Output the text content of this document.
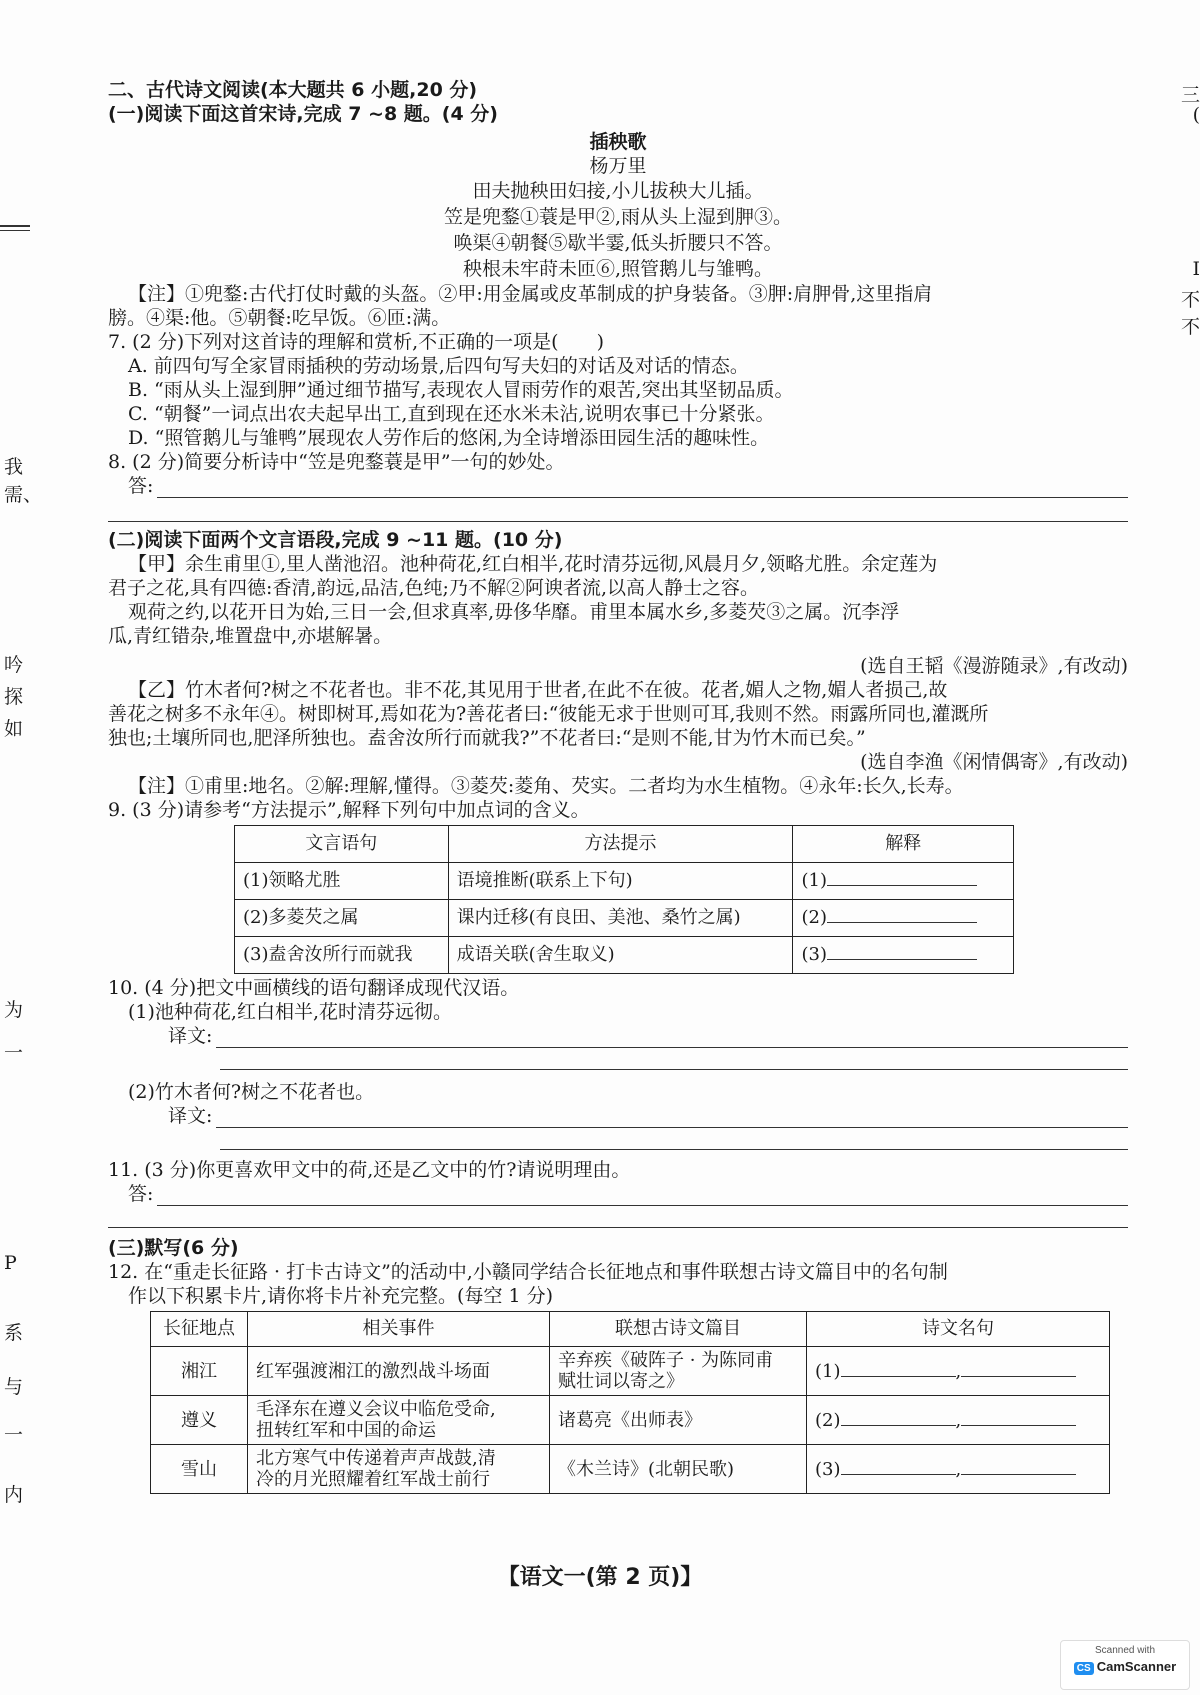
我
需、
吟
探
如
为
一
P
系
与
一
内
三
(
I
不
不
二、古代诗文阅读(本大题共 6 小题,20 分)
(一)阅读下面这首宋诗,完成 7 ~8 题。(4 分)
插秧歌
杨万里
田夫抛秧田妇接,小儿拔秧大儿插。
笠是兜鍪①蓑是甲②,雨从头上湿到胛③。
唤渠④朝餐⑤歇半霎,低头折腰只不答。
秧根未牢莳未匝⑥,照管鹅儿与雏鸭。
【注】①兜鍪:古代打仗时戴的头盔。②甲:用金属或皮革制成的护身装备。③胛:肩胛骨,这里指肩
膀。④渠:他。⑤朝餐:吃早饭。⑥匝:满。
7. (2 分)下列对这首诗的理解和赏析,不正确的一项是(　　)
A. 前四句写全家冒雨插秧的劳动场景,后四句写夫妇的对话及对话的情态。
B. “雨从头上湿到胛”通过细节描写,表现农人冒雨劳作的艰苦,突出其坚韧品质。
C. “朝餐”一词点出农夫起早出工,直到现在还水米未沾,说明农事已十分紧张。
D. “照管鹅儿与雏鸭”展现农人劳作后的悠闲,为全诗增添田园生活的趣味性。
8. (2 分)简要分析诗中“笠是兜鍪蓑是甲”一句的妙处。
答:
(二)阅读下面两个文言语段,完成 9 ~11 题。(10 分)
【甲】余生甫里①,里人凿池沼。池种荷花,红白相半,花时清芬远彻,风晨月夕,领略尤胜。余定莲为
君子之花,具有四德:香清,韵远,品洁,色纯;乃不解②阿谀者流,以高人静士之容。
观荷之约,以花开日为始,三日一会,但求真率,毋侈华靡。甫里本属水乡,多菱芡③之属。沉李浮
瓜,青红错杂,堆置盘中,亦堪解暑。
(选自王韬《漫游随录》,有改动)
【乙】竹木者何?树之不花者也。非不花,其见用于世者,在此不在彼。花者,媚人之物,媚人者损己,故
善花之树多不永年④。树即树耳,焉如花为?善花者曰:“彼能无求于世则可耳,我则不然。雨露所同也,灌溉所
独也;土壤所同也,肥泽所独也。盍舍汝所行而就我?”不花者曰:“是则不能,甘为竹木而已矣。”
(选自李渔《闲情偶寄》,有改动)
【注】①甫里:地名。②解:理解,懂得。③菱芡:菱角、芡实。二者均为水生植物。④永年:长久,长寿。
9. (3 分)请参考“方法提示”,解释下列句中加点词的含义。
文言语句	方法提示	解释
(1)领略尤胜	语境推断(联系上下句)	(1)
(2)多菱芡之属	课内迁移(有良田、美池、桑竹之属)	(2)
(3)盍舍汝所行而就我	成语关联(舍生取义)	(3)
10. (4 分)把文中画横线的语句翻译成现代汉语。
(1)池种荷花,红白相半,花时清芬远彻。
译文:
(2)竹木者何?树之不花者也。
译文:
11. (3 分)你更喜欢甲文中的荷,还是乙文中的竹?请说明理由。
答:
(三)默写(6 分)
12. 在“重走长征路 · 打卡古诗文”的活动中,小赣同学结合长征地点和事件联想古诗文篇目中的名句制
作以下积累卡片,请你将卡片补充完整。(每空 1 分)
长征地点	相关事件	联想古诗文篇目	诗文名句
湘江	红军强渡湘江的激烈战斗场面	辛弃疾《破阵子 · 为陈同甫
赋壮词以寄之》	(1) ,
遵义	毛泽东在遵义会议中临危受命,
扭转红军和中国的命运	诸葛亮《出师表》	(2) ,
雪山	北方寒气中传递着声声战鼓,清
冷的月光照耀着红军战士前行	《木兰诗》(北朝民歌)	(3) ,
【语文一(第 2 页)】
Scanned with
CS CamScanner
